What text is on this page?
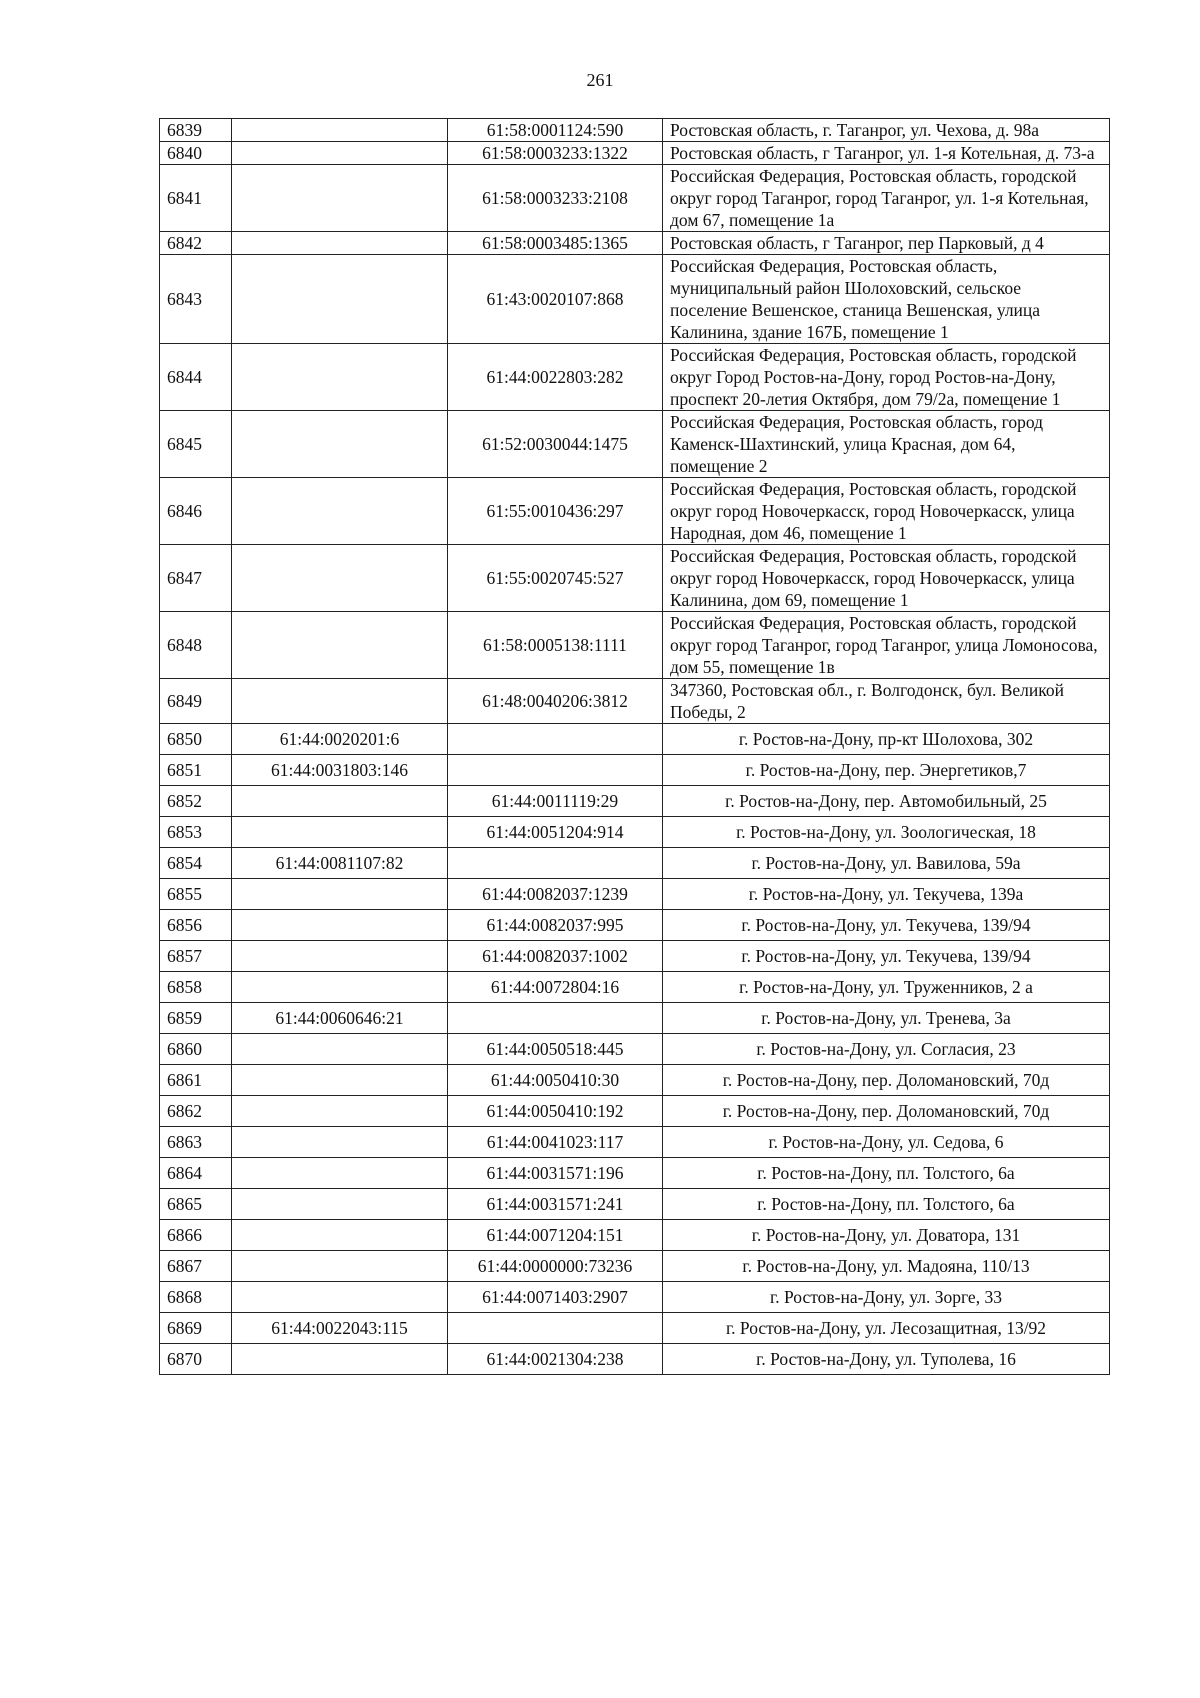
261
6839		61:58:0001124:590	Ростовская область, г. Таганрог, ул. Чехова, д. 98а
6840		61:58:0003233:1322	Ростовская область, г Таганрог, ул. 1-я Котельная, д. 73-а
6841		61:58:0003233:2108	Российская Федерация, Ростовская область, городской округ город Таганрог, город Таганрог, ул. 1-я Котельная, дом 67, помещение 1а
6842		61:58:0003485:1365	Ростовская область, г Таганрог, пер Парковый, д 4
6843		61:43:0020107:868	Российская Федерация, Ростовская область, муниципальный район Шолоховский, сельское поселение Вешенское, станица Вешенская, улица Калинина, здание 167Б, помещение 1
6844		61:44:0022803:282	Российская Федерация, Ростовская область, городской округ Город Ростов-на-Дону, город Ростов-на-Дону, проспект 20-летия Октября, дом 79/2а, помещение 1
6845		61:52:0030044:1475	Российская Федерация, Ростовская область, город Каменск-Шахтинский, улица Красная, дом 64, помещение 2
6846		61:55:0010436:297	Российская Федерация, Ростовская область, городской округ город Новочеркасск, город Новочеркасск, улица Народная, дом 46, помещение 1
6847		61:55:0020745:527	Российская Федерация, Ростовская область, городской округ город Новочеркасск, город Новочеркасск, улица Калинина, дом 69, помещение 1
6848		61:58:0005138:1111	Российская Федерация, Ростовская область, городской округ город Таганрог, город Таганрог, улица Ломоносова, дом 55, помещение 1в
6849		61:48:0040206:3812	347360, Ростовская обл., г. Волгодонск, бул. Великой Победы, 2
6850	61:44:0020201:6		г. Ростов-на-Дону, пр-кт Шолохова, 302
6851	61:44:0031803:146		г. Ростов-на-Дону, пер. Энергетиков,7
6852		61:44:0011119:29	г. Ростов-на-Дону, пер. Автомобильный, 25
6853		61:44:0051204:914	г. Ростов-на-Дону, ул. Зоологическая, 18
6854	61:44:0081107:82		г. Ростов-на-Дону, ул. Вавилова, 59а
6855		61:44:0082037:1239	г. Ростов-на-Дону, ул. Текучева, 139а
6856		61:44:0082037:995	г. Ростов-на-Дону, ул. Текучева, 139/94
6857		61:44:0082037:1002	г. Ростов-на-Дону, ул. Текучева, 139/94
6858		61:44:0072804:16	г. Ростов-на-Дону, ул. Труженников, 2 а
6859	61:44:0060646:21		г. Ростов-на-Дону, ул. Тренева, 3а
6860		61:44:0050518:445	г. Ростов-на-Дону, ул. Согласия, 23
6861		61:44:0050410:30	г. Ростов-на-Дону, пер. Доломановский, 70д
6862		61:44:0050410:192	г. Ростов-на-Дону, пер. Доломановский, 70д
6863		61:44:0041023:117	г. Ростов-на-Дону, ул. Седова, 6
6864		61:44:0031571:196	г. Ростов-на-Дону, пл. Толстого, 6а
6865		61:44:0031571:241	г. Ростов-на-Дону, пл. Толстого, 6а
6866		61:44:0071204:151	г. Ростов-на-Дону, ул. Доватора, 131
6867		61:44:0000000:73236	г. Ростов-на-Дону, ул. Мадояна, 110/13
6868		61:44:0071403:2907	г. Ростов-на-Дону, ул. Зорге, 33
6869	61:44:0022043:115		г. Ростов-на-Дону, ул. Лесозащитная, 13/92
6870		61:44:0021304:238	г. Ростов-на-Дону, ул. Туполева, 16
